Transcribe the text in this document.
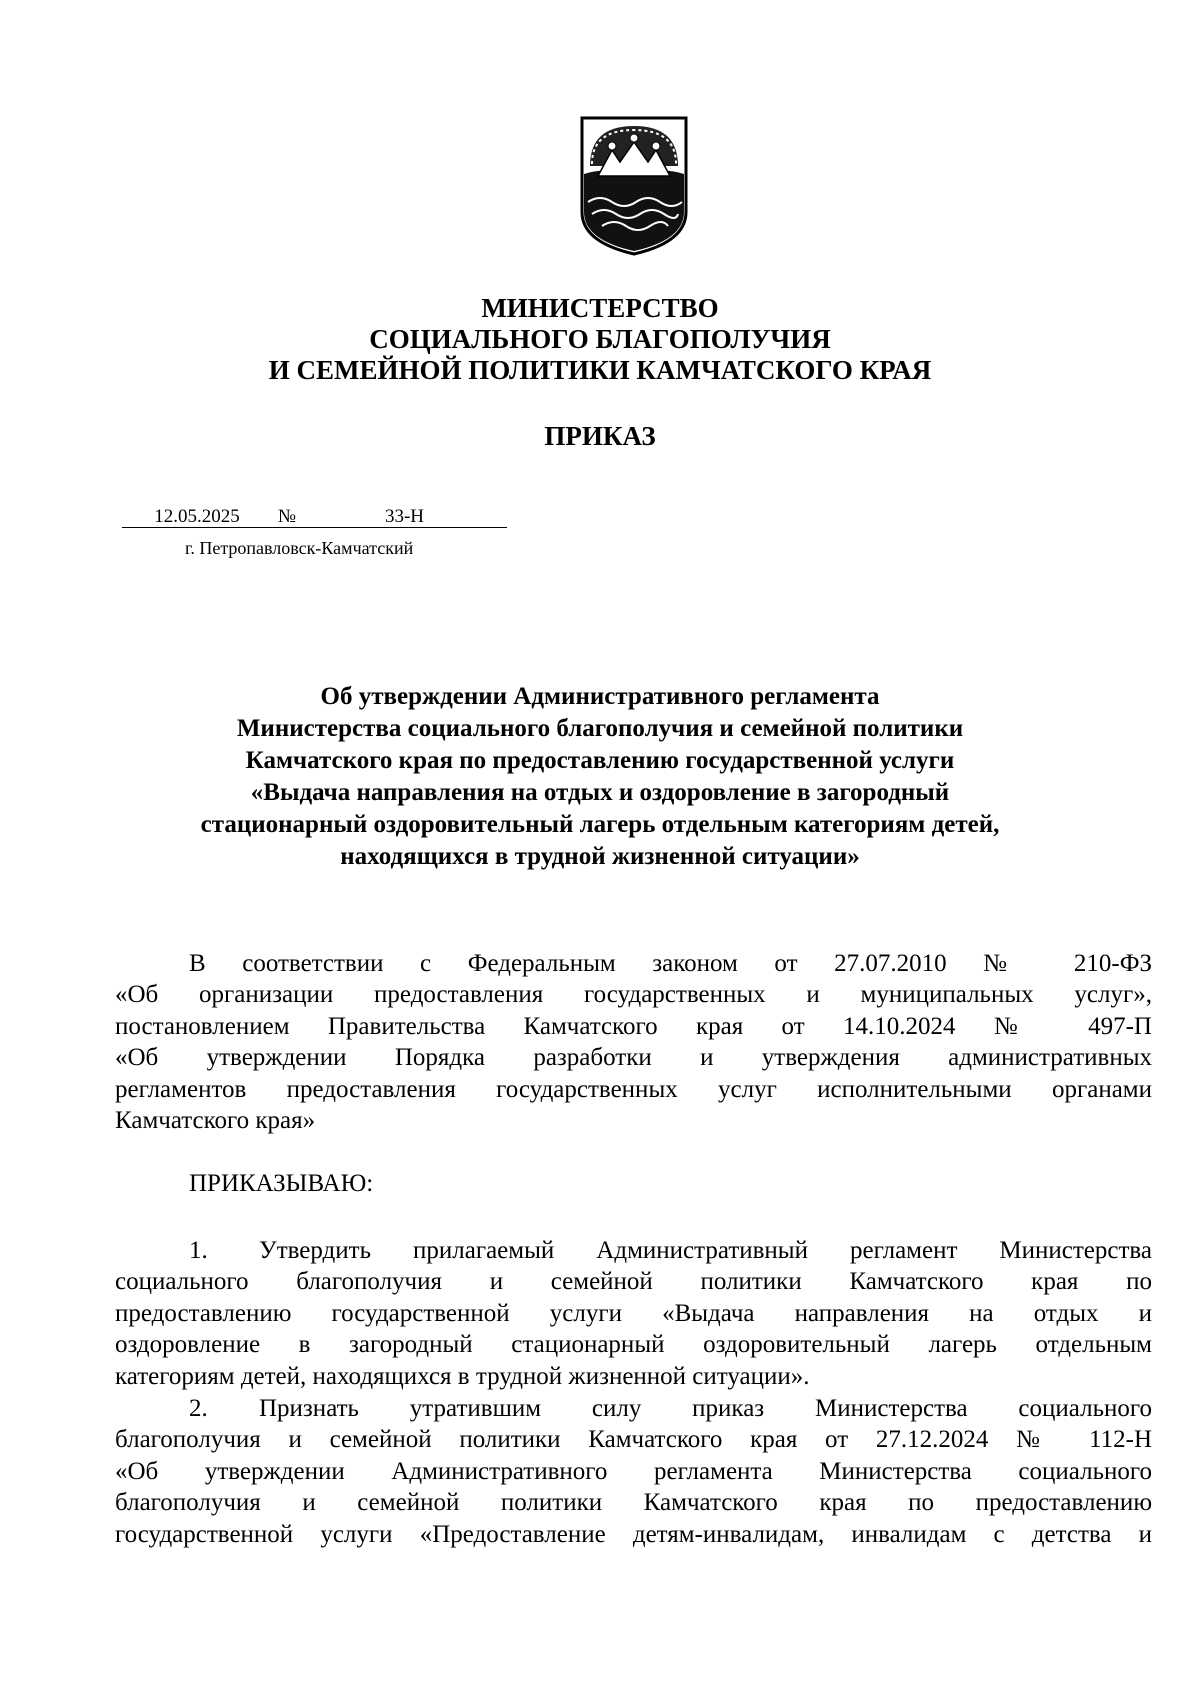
МИНИСТЕРСТВО
СОЦИАЛЬНОГО БЛАГОПОЛУЧИЯ
И СЕМЕЙНОЙ ПОЛИТИКИ КАМЧАТСКОГО КРАЯ
ПРИКАЗ
12.05.2025 №	33-Н
г. Петропавловск-Камчатский
Об утверждении Административного регламента
Министерства социального благополучия и семейной политики
Камчатского края по предоставлению государственной услуги
«Выдача направления на отдых и оздоровление в загородный
стационарный оздоровительный лагерь отдельным категориям детей,
находящихся в трудной жизненной ситуации»
В соответствии с Федеральным законом от 27.07.2010 № 210-ФЗ
«Об организации предоставления государственных и муниципальных услуг»,
постановлением Правительства Камчатского края от 14.10.2024 № 497-П
«Об утверждении Порядка разработки и утверждения административных
регламентов предоставления государственных услуг исполнительными органами
Камчатского края»
ПРИКАЗЫВАЮ:
1.	Утвердить прилагаемый Административный регламент Министерства
социального благополучия и семейной политики Камчатского края по
предоставлению государственной услуги «Выдача направления на отдых и
оздоровление в загородный стационарный оздоровительный лагерь отдельным
категориям детей, находящихся в трудной жизненной ситуации».
2.	Признать утратившим силу приказ Министерства социального
благополучия и семейной политики Камчатского края от 27.12.2024 № 112-Н
«Об утверждении Административного регламента Министерства социального
благополучия и семейной политики Камчатского края по предоставлению
государственной услуги «Предоставление детям-инвалидам, инвалидам с детства и
